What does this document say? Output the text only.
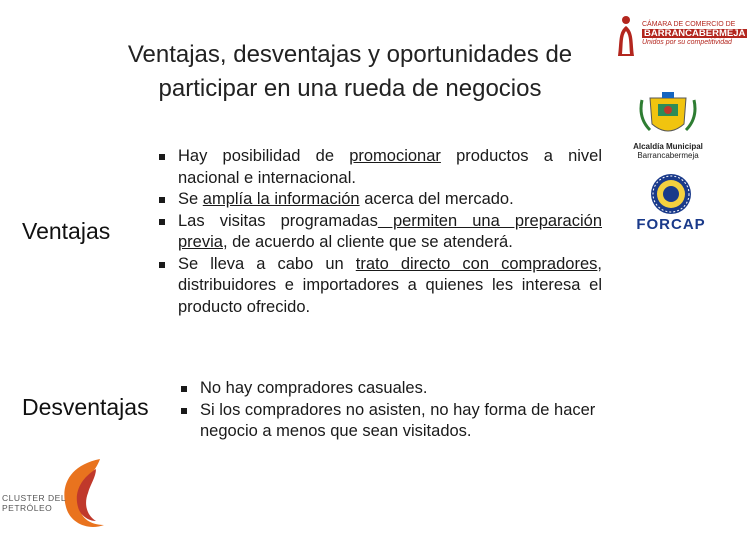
Ventajas, desventajas y oportunidades de
participar en una rueda de negocios
Ventajas
Hay posibilidad de promocionar productos a nivel nacional e internacional.
Se amplía la información acerca del mercado.
Las visitas programadas permiten una preparación previa, de acuerdo al cliente que se atenderá.
Se lleva a cabo un trato directo con compradores, distribuidores e importadores a quienes les interesa el producto ofrecido.
Desventajas
No hay compradores casuales.
Si los compradores no asisten, no hay forma de hacer negocio a menos que sean visitados.
CÁMARA DE COMERCIO DE
BARRANCABERMEJA
Unidos por su competitividad
Alcaldía Municipal
Barrancabermeja
FORCAP
CLUSTER DEL
PETRÓLEO
